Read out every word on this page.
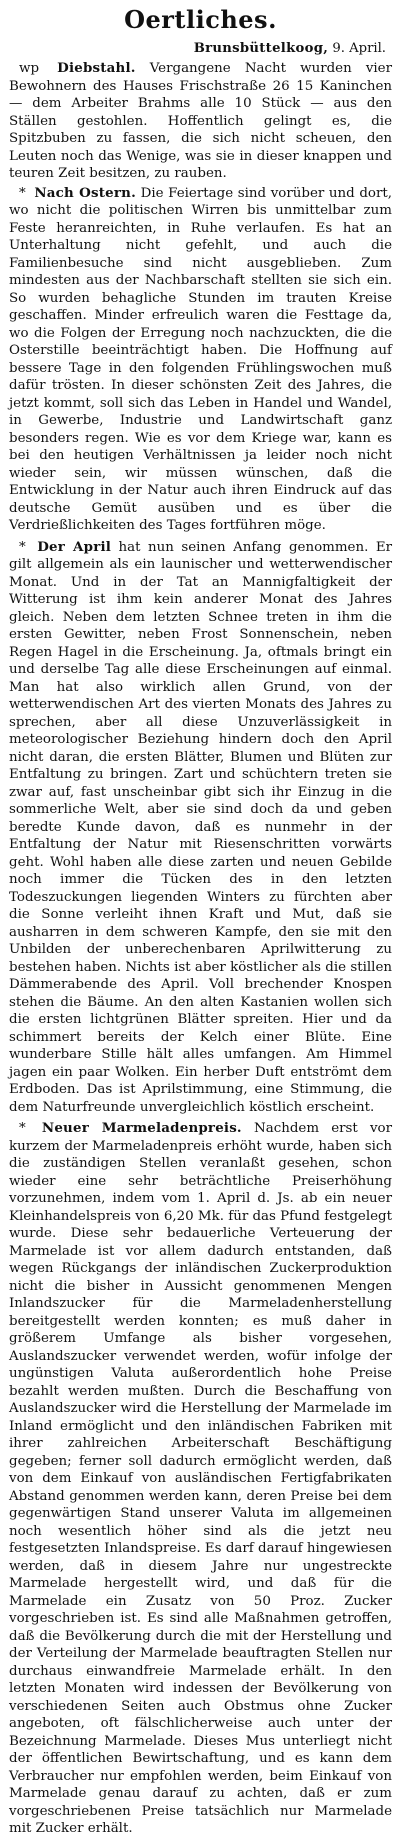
Oertliches.
Brunsbüttelkoog, 9. April.

wp Diebstahl. Vergangene Nacht wurden vier Bewohnern des Hauses Frischstraße 26 15 Kaninchen — dem Arbeiter Brahms alle 10 Stück — aus den Ställen gestohlen. Hoffentlich gelingt es, die Spitzbuben zu fassen, die sich nicht scheuen, den Leuten noch das Wenige, was sie in dieser knappen und teuren Zeit besitzen, zu rauben.

* Nach Ostern. Die Feiertage sind vorüber und dort, wo nicht die politischen Wirren bis unmittelbar zum Feste heranreichten, in Ruhe verlaufen. Es hat an Unterhaltung nicht gefehlt, und auch die Familienbesuche sind nicht ausgeblieben. Zum mindesten aus der Nachbarschaft stellten sie sich ein. So wurden behagliche Stunden im trauten Kreise geschaffen. Minder erfreulich waren die Festtage da, wo die Folgen der Erregung noch nachzuckten, die die Osterstille beeinträchtigt haben. Die Hoffnung auf bessere Tage in den folgenden Frühlingswochen muß dafür trösten. In dieser schönsten Zeit des Jahres, die jetzt kommt, soll sich das Leben in Handel und Wandel, in Gewerbe, Industrie und Landwirtschaft ganz besonders regen. Wie es vor dem Kriege war, kann es bei den heutigen Verhältnissen ja leider noch nicht wieder sein, wir müssen wünschen, daß die Entwicklung in der Natur auch ihren Eindruck auf das deutsche Gemüt ausüben und es über die Verdrießlichkeiten des Tages fortführen möge.

* Der April hat nun seinen Anfang genommen. Er gilt allgemein als ein launischer und wetterwendischer Monat. Und in der Tat an Mannigfaltigkeit der Witterung ist ihm kein anderer Monat des Jahres gleich. Neben dem letzten Schnee treten in ihm die ersten Gewitter, neben Frost Sonnenschein, neben Regen Hagel in die Erscheinung. Ja, oftmals bringt ein und derselbe Tag alle diese Erscheinungen auf einmal. Man hat also wirklich allen Grund, von der wetterwendischen Art des vierten Monats des Jahres zu sprechen, aber all diese Unzuverlässigkeit in meteorologischer Beziehung hindern doch den April nicht daran, die ersten Blätter, Blumen und Blüten zur Entfaltung zu bringen. Zart und schüchtern treten sie zwar auf, fast unscheinbar gibt sich ihr Einzug in die sommerliche Welt, aber sie sind doch da und geben beredte Kunde davon, daß es nunmehr in der Entfaltung der Natur mit Riesenschritten vorwärts geht. Wohl haben alle diese zarten und neuen Gebilde noch immer die Tücken des in den letzten Todeszuckungen liegenden Winters zu fürchten aber die Sonne verleiht ihnen Kraft und Mut, daß sie ausharren in dem schweren Kampfe, den sie mit den Unbilden der unberechenbaren Aprilwitterung zu bestehen haben. Nichts ist aber köstlicher als die stillen Dämmerabende des April. Voll brechender Knospen stehen die Bäume. An den alten Kastanien wollen sich die ersten lichtgrünen Blätter spreiten. Hier und da schimmert bereits der Kelch einer Blüte. Eine wunderbare Stille hält alles umfangen. Am Himmel jagen ein paar Wolken. Ein herber Duft entströmt dem Erdboden. Das ist Aprilstimmung, eine Stimmung, die dem Naturfreunde unvergleichlich köstlich erscheint.

* Neuer Marmeladenpreis. Nachdem erst vor kurzem der Marmeladenpreis erhöht wurde, haben sich die zuständigen Stellen veranlaßt gesehen, schon wieder eine sehr beträchtliche Preiserhöhung vorzunehmen, indem vom 1. April d. Js. ab ein neuer Kleinhandelspreis von 6,20 Mk. für das Pfund festgelegt wurde. Diese sehr bedauerliche Verteuerung der Marmelade ist vor allem dadurch entstanden, daß wegen Rückgangs der inländischen Zuckerproduktion nicht die bisher in Aussicht genommenen Mengen Inlandszucker für die Marmeladenherstellung bereitgestellt werden konnten; es muß daher in größerem Umfange als bisher vorgesehen, Auslandszucker verwendet werden, wofür infolge der ungünstigen Valuta außerordentlich hohe Preise bezahlt werden mußten. Durch die Beschaffung von Auslandszucker wird die Herstellung der Marmelade im Inland ermöglicht und den inländischen Fabriken mit ihrer zahlreichen Arbeiterschaft Beschäftigung gegeben; ferner soll dadurch ermöglicht werden, daß von dem Einkauf von ausländischen Fertigfabrikaten Abstand genommen werden kann, deren Preise bei dem gegenwärtigen Stand unserer Valuta im allgemeinen noch wesentlich höher sind als die jetzt neu festgesetzten Inlandspreise. Es darf darauf hingewiesen werden, daß in diesem Jahre nur ungestreckte Marmelade hergestellt wird, und daß für die Marmelade ein Zusatz von 50 Proz. Zucker vorgeschrieben ist. Es sind alle Maßnahmen getroffen, daß die Bevölkerung durch die mit der Herstellung und der Verteilung der Marmelade beauftragten Stellen nur durchaus einwandfreie Marmelade erhält. In den letzten Monaten wird indessen der Bevölkerung von verschiedenen Seiten auch Obstmus ohne Zucker angeboten, oft fälschlicherweise auch unter der Bezeichnung Marmelade. Dieses Mus unterliegt nicht der öffentlichen Bewirtschaftung, und es kann dem Verbraucher nur empfohlen werden, beim Einkauf von Marmelade genau darauf zu achten, daß er zum vorgeschriebenen Preise tatsächlich nur Marmelade mit Zucker erhält.
